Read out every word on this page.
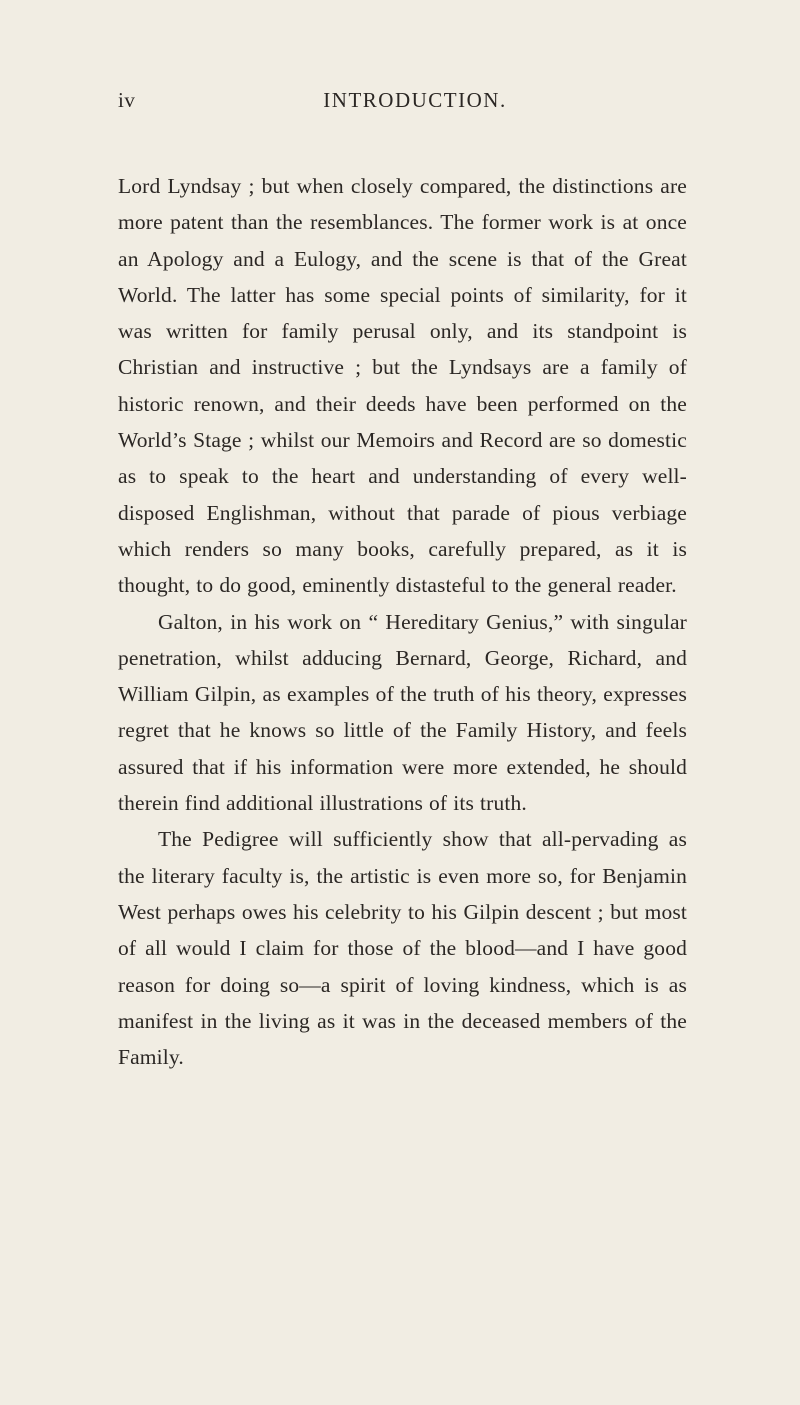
iv	INTRODUCTION.

Lord Lyndsay ; but when closely compared, the distinctions are more patent than the resemblances. The former work is at once an Apology and a Eulogy, and the scene is that of the Great World. The latter has some special points of similarity, for it was written for family perusal only, and its standpoint is Christian and instructive ; but the Lyndsays are a family of historic renown, and their deeds have been performed on the World’s Stage ; whilst our Memoirs and Record are so domestic as to speak to the heart and understanding of every well-disposed Englishman, without that parade of pious verbiage which renders so many books, carefully prepared, as it is thought, to do good, eminently distasteful to the general reader.

Galton, in his work on “ Hereditary Genius,” with singular penetration, whilst adducing Bernard, George, Richard, and William Gilpin, as examples of the truth of his theory, expresses regret that he knows so little of the Family History, and feels assured that if his information were more extended, he should therein find additional illustrations of its truth.

The Pedigree will sufficiently show that all-pervading as the literary faculty is, the artistic is even more so, for Benjamin West perhaps owes his celebrity to his Gilpin descent ; but most of all would I claim for those of the blood—and I have good reason for doing so—a spirit of loving kindness, which is as manifest in the living as it was in the deceased members of the Family.
